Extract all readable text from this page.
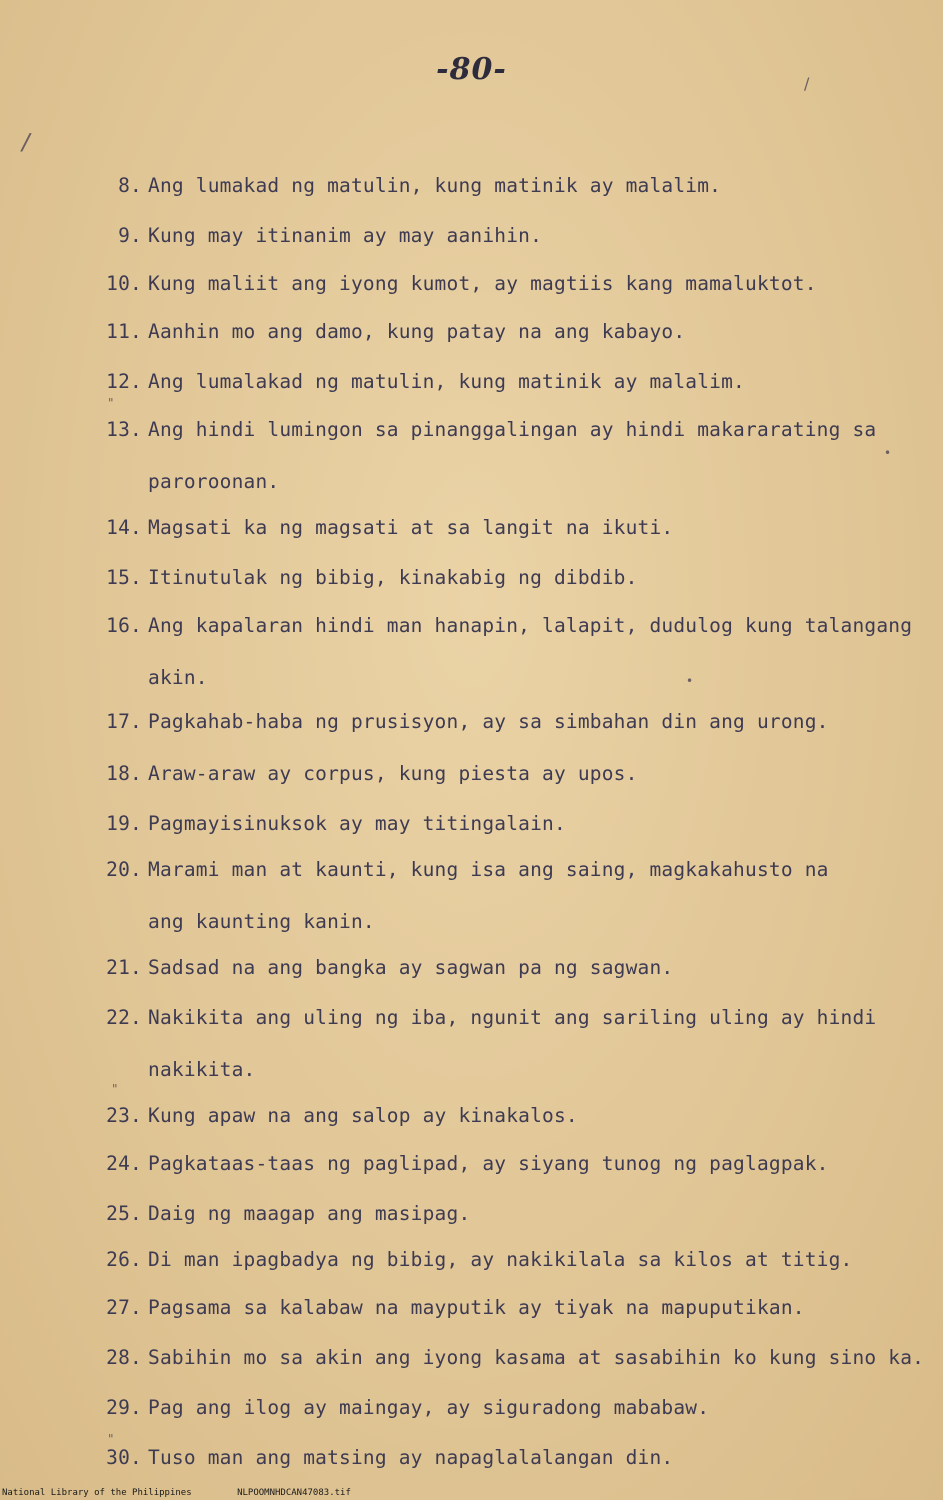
-80-
/
/
•
•
"
"
"
8. Ang lumakad ng matulin, kung matinik ay malalim.
9. Kung may itinanim ay may aanihin.
10. Kung maliit ang iyong kumot, ay magtiis kang mamaluktot.
11. Aanhin mo ang damo, kung patay na ang kabayo.
12. Ang lumalakad ng matulin, kung matinik ay malalim.
13. Ang hindi lumingon sa pinanggalingan ay hindi makararating sa
paroroonan.
14. Magsati ka ng magsati at sa langit na ikuti.
15. Itinutulak ng bibig, kinakabig ng dibdib.
16. Ang kapalaran hindi man hanapin, lalapit, dudulog kung talangang
akin.
17. Pagkahab-haba ng prusisyon, ay sa simbahan din ang urong.
18. Araw-araw ay corpus, kung piesta ay upos.
19. Pagmayisinuksok ay may titingalain.
20. Marami man at kaunti, kung isa ang saing, magkakahusto na
ang kaunting kanin.
21. Sadsad na ang bangka ay sagwan pa ng sagwan.
22. Nakikita ang uling ng iba, ngunit ang sariling uling ay hindi
nakikita.
23. Kung apaw na ang salop ay kinakalos.
24. Pagkataas-taas ng paglipad, ay siyang tunog ng paglagpak.
25. Daig ng maagap ang masipag.
26. Di man ipagbadya ng bibig, ay nakikilala sa kilos at titig.
27. Pagsama sa kalabaw na mayputik ay tiyak na mapuputikan.
28. Sabihin mo sa akin ang iyong kasama at sasabihin ko kung sino ka.
29. Pag ang ilog ay maingay, ay siguradong mababaw.
30. Tuso man ang matsing ay napaglalalangan din.
National Library of the Philippines	NLPOOMNHDCAN47083.tif
